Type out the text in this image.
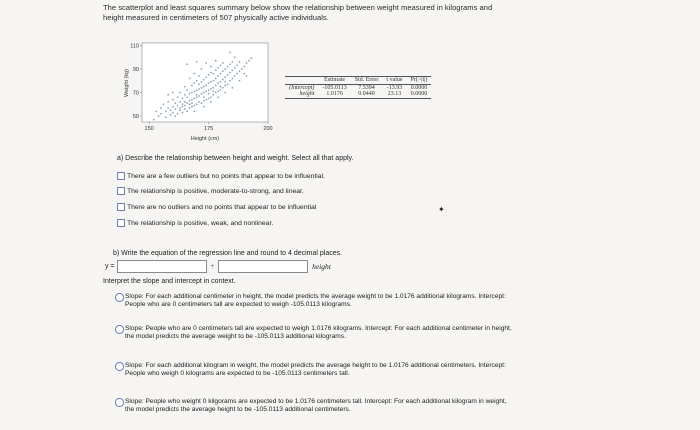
The scatterplot and least squares summary below show the relationship between weight measured in kilograms and height measured in centimeters of 507 physically active individuals.
150	175	200
50
70
90
110
Height (cm)
Weight (kg)
		Estimate	Std. Error	t value	Pr(>|t|)
(Intercept)	-105.0113	7.5394	-13.93	0.0000
height	1.0176	0.0440	23.13	0.0000
a) Describe the relationship between height and weight. Select all that apply.
There are a few outliers but no points that appear to be influential.
The relationship is positive, moderate-to-strong, and linear.
There are no outliers and no points that appear to be influential
The relationship is positive, weak, and nonlinear.
✦
b) Write the equation of the regression line and round to 4 decimal places.
y =	+	height
Interpret the slope and intercept in context.
Slope: For each additional centimeter in height, the model predicts the average weight to be 1.0176 additional kilograms. Intercept: People who are 0 centimeters tall are expected to weigh -105.0113 kilograms.
Slope: People who are 0 centimeters tall are expected to weigh 1.0176 kilograms. Intercept: For each additional centimeter in height, the model predicts the average weight to be -105.0113 additional kilograms.
Slope: For each additional kilogram in weight, the model predicts the average height to be 1.0176 additional centimeters. Intercept: People who weigh 0 kilograms are expected to be -105.0113 centimeters tall.
Slope: People who weight 0 kilgorams are expected to be 1.0176 centimeters tall. Intercept: For each additional kilogram in weight, the model predicts the average height to be -105.0113 additional centimeters.
